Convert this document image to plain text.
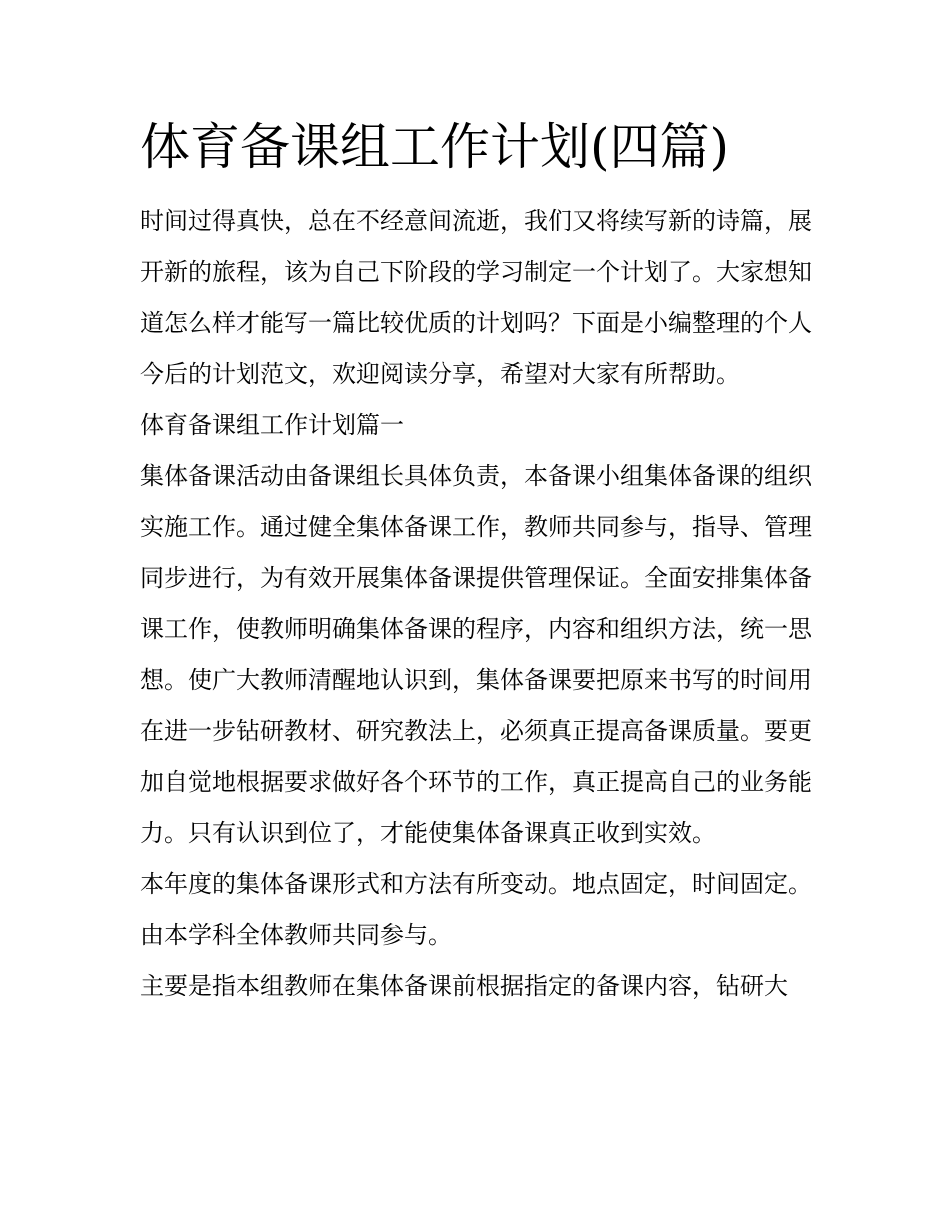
体育备课组工作计划(四篇)

时间过得真快，总在不经意间流逝，我们又将续写新的诗篇，展开新的旅程，该为自己下阶段的学习制定一个计划了。大家想知道怎么样才能写一篇比较优质的计划吗？下面是小编整理的个人今后的计划范文，欢迎阅读分享，希望对大家有所帮助。

体育备课组工作计划篇一

集体备课活动由备课组长具体负责，本备课小组集体备课的组织实施工作。通过健全集体备课工作，教师共同参与，指导、管理同步进行，为有效开展集体备课提供管理保证。全面安排集体备课工作，使教师明确集体备课的程序，内容和组织方法，统一思想。使广大教师清醒地认识到，集体备课要把原来书写的时间用在进一步钻研教材、研究教法上，必须真正提高备课质量。要更加自觉地根据要求做好各个环节的工作，真正提高自己的业务能力。只有认识到位了，才能使集体备课真正收到实效。

本年度的集体备课形式和方法有所变动。地点固定，时间固定。由本学科全体教师共同参与。

主要是指本组教师在集体备课前根据指定的备课内容，钻研大
